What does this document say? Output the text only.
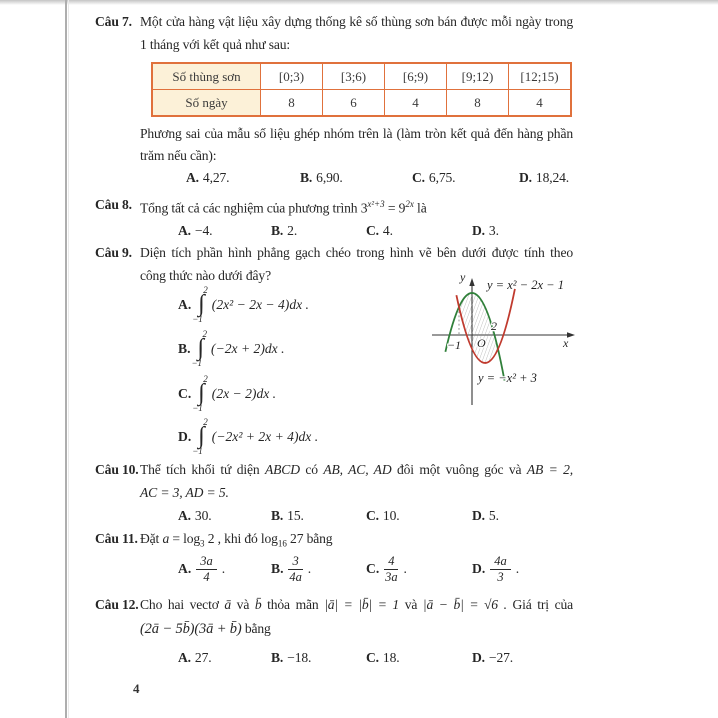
Câu 7. Một cửa hàng vật liệu xây dựng thống kê số thùng sơn bán được mỗi ngày trong
1 tháng với kết quả như sau:
Số thùng sơn	[0;3)	[3;6)	[6;9)	[9;12)	[12;15)
Số ngày	8	6	4	8	4
Phương sai của mẫu số liệu ghép nhóm trên là (làm tròn kết quả đến hàng phần
trăm nếu cần):
A. 4,27.	B. 6,90.	C. 6,75.	D. 18,24.
Câu 8. Tổng tất cả các nghiệm của phương trình $3^{x^2+3} = 9^{2x}$ là
A. −4.	B. 2.	C. 4.	D. 3.
Câu 9. Diện tích phần hình phẳng gạch chéo trong hình vẽ bên dưới được tính theo
công thức nào dưới đây?
A.
2
∫
−1
(2x² − 2x − 4)dx .
B.
2
∫
−1
(−2x + 2)dx .
C.
2
∫
−1
(2x − 2)dx .
D.
2
∫
−1
(−2x² + 2x + 4)dx .
y
x
O
−1
2
y = x² − 2x − 1
y = −x² + 3
Câu 10. Thể tích khối tứ diện ABCD có AB, AC, AD đôi một vuông góc và AB = 2,
AC = 3, AD = 5.
A. 30.	B. 15.	C. 10.	D. 5.
Câu 11. Đặt $a = \log_3 2$ , khi đó $\log_{16} 27$ bằng
A. $\frac{3a}{4}$ .	B. $\frac{3}{4a}$ .	C. $\frac{4}{3a}$ .	D. $\frac{4a}{3}$ .
Câu 12. Cho hai vectơ ā và b̄ thỏa mãn |ā| = |b̄| = 1 và |ā − b̄| = √6 . Giá trị của
(2ā − 5b̄)(3ā + b̄) bằng
A. 27.	B. −18.	C. 18.	D. −27.
4
